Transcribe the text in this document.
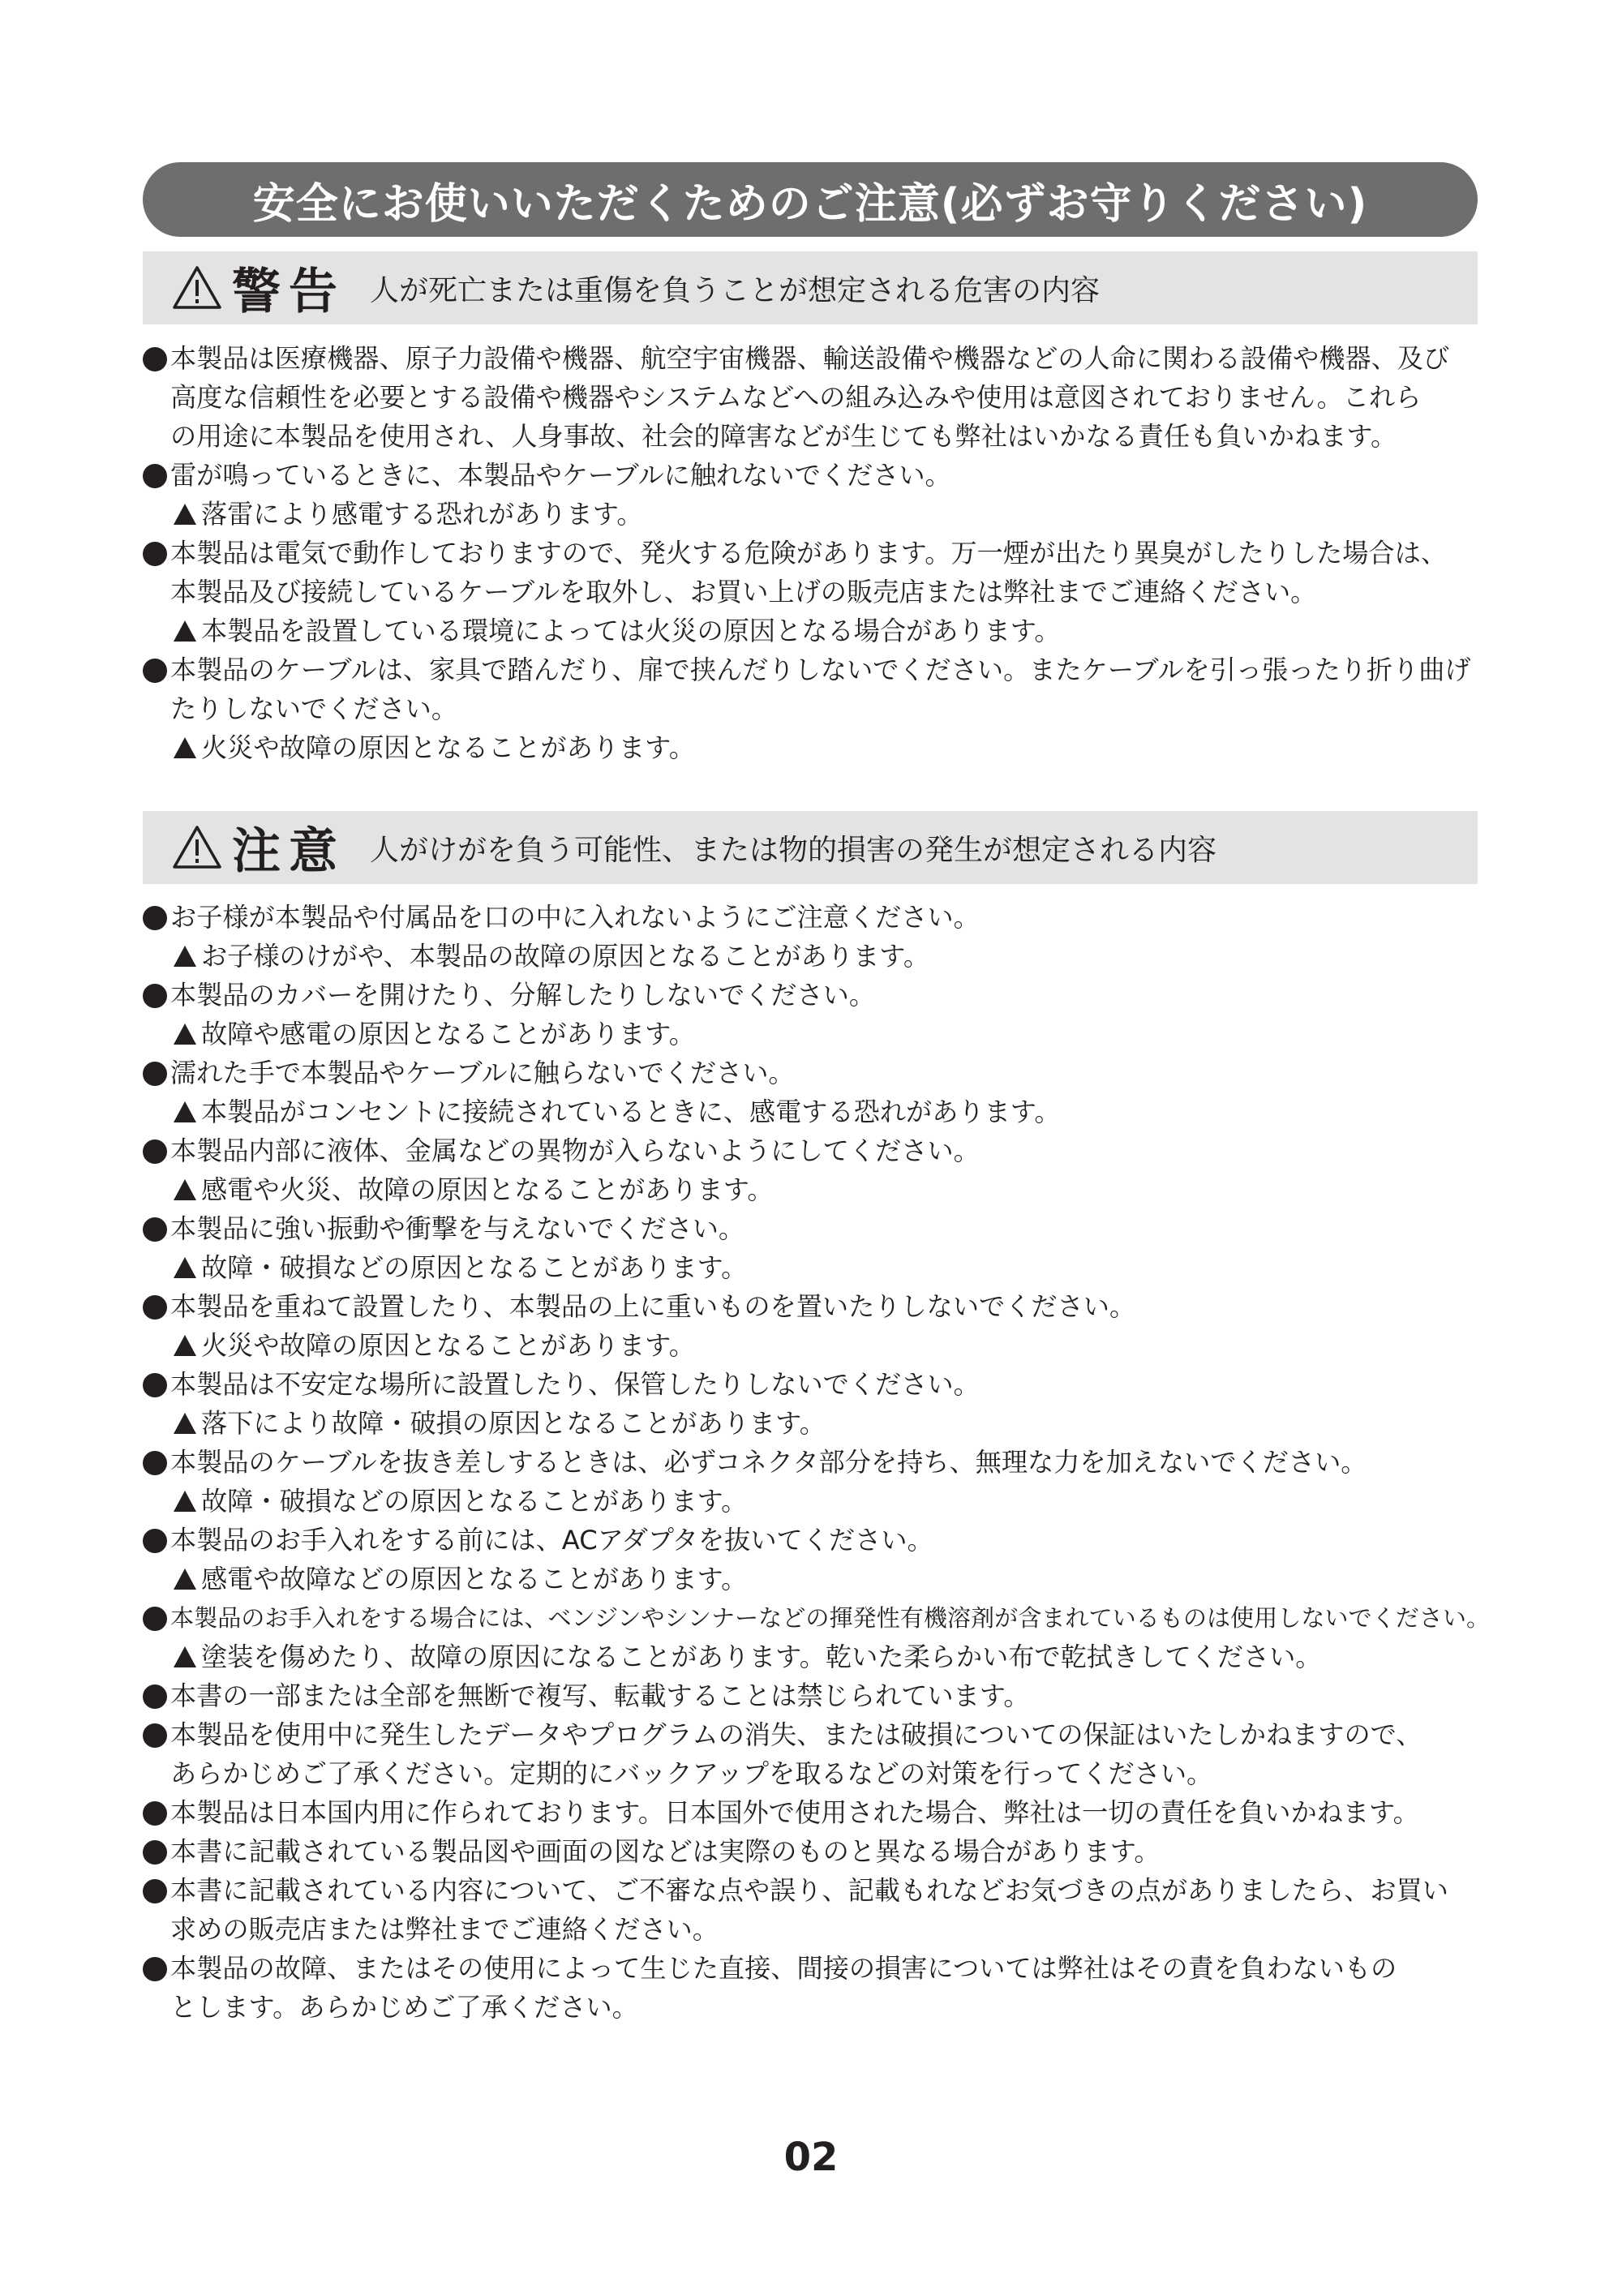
安全にお使いいただくためのご注意(必ずお守りください)
警告 人が死亡または重傷を負うことが想定される危害の内容
本製品は医療機器、原子力設備や機器、航空宇宙機器、輸送設備や機器などの人命に関わる設備や機器、及び
高度な信頼性を必要とする設備や機器やシステムなどへの組み込みや使用は意図されておりません。これら
の用途に本製品を使用され、人身事故、社会的障害などが生じても弊社はいかなる責任も負いかねます。
雷が鳴っているときに、本製品やケーブルに触れないでください。
落雷により感電する恐れがあります。
本製品は電気で動作しておりますので、発火する危険があります。万一煙が出たり異臭がしたりした場合は、
本製品及び接続しているケーブルを取外し、お買い上げの販売店または弊社までご連絡ください。
本製品を設置している環境によっては火災の原因となる場合があります。
本製品のケーブルは、家具で踏んだり、扉で挟んだりしないでください。またケーブルを引っ張ったり折り曲げ
たりしないでください。
火災や故障の原因となることがあります。
注意 人がけがを負う可能性、または物的損害の発生が想定される内容
お子様が本製品や付属品を口の中に入れないようにご注意ください。
お子様のけがや、本製品の故障の原因となることがあります。
本製品のカバーを開けたり、分解したりしないでください。
故障や感電の原因となることがあります。
濡れた手で本製品やケーブルに触らないでください。
本製品がコンセントに接続されているときに、感電する恐れがあります。
本製品内部に液体、金属などの異物が入らないようにしてください。
感電や火災、故障の原因となることがあります。
本製品に強い振動や衝撃を与えないでください。
故障・破損などの原因となることがあります。
本製品を重ねて設置したり、本製品の上に重いものを置いたりしないでください。
火災や故障の原因となることがあります。
本製品は不安定な場所に設置したり、保管したりしないでください。
落下により故障・破損の原因となることがあります。
本製品のケーブルを抜き差しするときは、必ずコネクタ部分を持ち、無理な力を加えないでください。
故障・破損などの原因となることがあります。
本製品のお手入れをする前には、ACアダプタを抜いてください。
感電や故障などの原因となることがあります。
本製品のお手入れをする場合には、ベンジンやシンナーなどの揮発性有機溶剤が含まれているものは使用しないでください。
塗装を傷めたり、故障の原因になることがあります。乾いた柔らかい布で乾拭きしてください。
本書の一部または全部を無断で複写、転載することは禁じられています。
本製品を使用中に発生したデータやプログラムの消失、または破損についての保証はいたしかねますので、
あらかじめご了承ください。定期的にバックアップを取るなどの対策を行ってください。
本製品は日本国内用に作られております。日本国外で使用された場合、弊社は一切の責任を負いかねます。
本書に記載されている製品図や画面の図などは実際のものと異なる場合があります。
本書に記載されている内容について、ご不審な点や誤り、記載もれなどお気づきの点がありましたら、お買い
求めの販売店または弊社までご連絡ください。
本製品の故障、またはその使用によって生じた直接、間接の損害については弊社はその責を負わないもの
とします。あらかじめご了承ください。
02
